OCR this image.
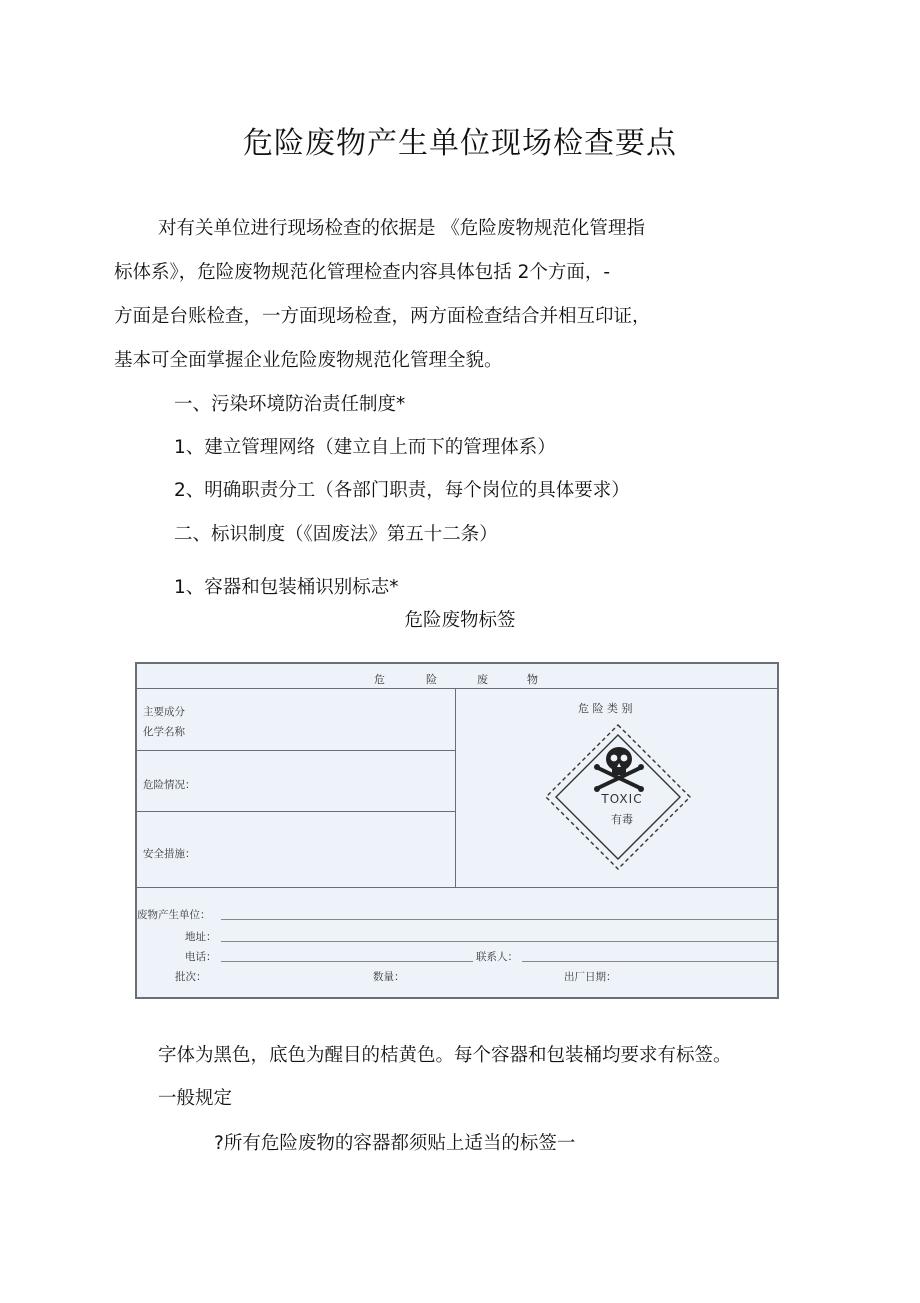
危险废物产生单位现场检查要点
对有关单位进行现场检查的依据是 《危险废物规范化管理指
标体系》，危险废物规范化管理检查内容具体包括 2个方面，-
方面是台账检查，一方面现场检查，两方面检查结合并相互印证，
基本可全面掌握企业危险废物规范化管理全貌。
一、污染环境防治责任制度*
1、建立管理网络（建立自上而下的管理体系）
2、明确职责分工（各部门职责，每个岗位的具体要求）
二、标识制度（《固废法》第五十二条）
1、容器和包装桶识别标志*
危险废物标签
危	险	废	物
主要成分
化学名称
危险情况：
安全措施：
危 险 类 别
TOXIC
有毒
废物产生单位：
地址：
电话：	联系人：
批次：	数量：	出厂日期：
字体为黑色，底色为醒目的桔黄色。每个容器和包装桶均要求有标签。
一般规定
?所有危险废物的容器都须贴上适当的标签一
